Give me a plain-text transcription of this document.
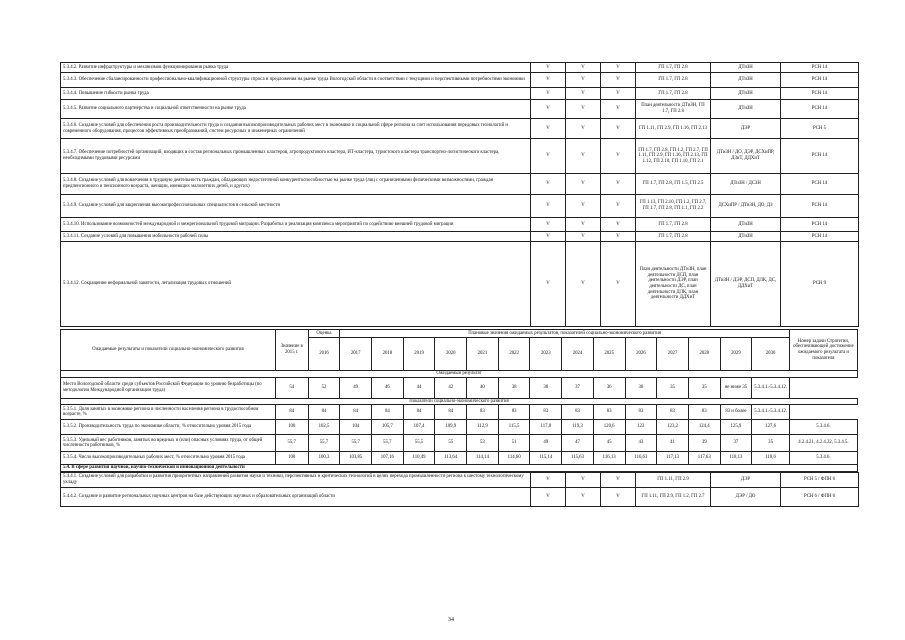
5.3.4.2. Развитие инфраструктуры и механизмов функционирования рынка труда	V	V	V	ГП 1.7, ГП 2.8	ДТиЗН	РСН 14
5.3.4.3. Обеспечение сбалансированности профессионально-квалификационной структуры спроса и предложения на рынке труда Вологодской области в соответствии с текущими и перспективными потребностями экономики	V	V	V	ГП 1.7, ГП 2.8	ДТиЗН	РСН 14
5.3.4.4. Повышение гибкости рынка труда	V	V	V	ГП 1.7, ГП 2.8	ДТиЗН	РСН 14
5.3.4.5. Развитие социального партнерства и социальной ответственности на рынке труда	V	V	V	План деятельности ДТиЗН, ГП 1.7, ГП 2.8	ДТиЗН	РСН 14
5.3.4.6. Создание условий для обеспечения роста производительности труда и создания высокопроизводительных рабочих мест в экономике и социальной сфере региона за счет использования передовых технологий и современного оборудования, процессов эффективных преобразований, систем ресурсных и инженерных ограничений	V	V	V	ГП 1.11, ГП 2.9, ГП 1.16, ГП 2.13	ДЭР	РСН 5
5.3.4.7. Обеспечение потребностей организаций, входящих в состав региональных промышленных кластеров, агропродуктового кластера, ИТ-кластера, туристского кластера транспортно-логистического кластера, необходимыми трудовыми ресурсами	V	V	V	ГП 1.7, ГП 2.8, ГП 1.2, ГП 2.7, ГП 1.11, ГП 2.9, ГП 1.16, ГП 2.13, ГП 1.12, ГП 2.10, ГП 1.10, ГП 2.1	ДТиЗН / ДО, ДЭР, ДСХиПР, ДЗиТ, ДДХиТ	РСН 14
5.3.4.8. Создание условий для вовлечения в трудовую деятельность граждан, обладающих недостаточной конкурентоспособностью на рынке труда (лиц с ограниченными физическими возможностями, граждан предпенсионного и пенсионного возраста, женщин, имеющих малолетних детей, и других)	V	V	V	ГП 1.7, ГП 2.8, ГП 1.5, ГП 2.5	ДТиЗН / ДСЗН	РСН 14
5.3.4.9. Создание условий для закрепления высокопрофессиональных специалистов в сельской местности	V	V	V	ГП 1.13, ГП 2.10, ГП 1.2, ГП 2.7, ГП 1.7, ГП 2.8, ГП 1.1, ГП 2.2	ДСХиПР / ДТиЗН, ДО, ДЗ	РСН 14
5.3.4.10. Использование возможностей международной и межрегиональной трудовой миграции. Разработка и реализация комплекса мероприятий по содействию внешней трудовой миграции	V	V	V	ГП 1.7, ГП 2.8	ДТиЗН	РСН 14
5.3.4.11. Создание условий для повышения мобильности рабочей силы	V	V	V	ГП 1.7, ГП 2.8	ДТиЗН	РСН 14
5.3.4.12. Сокращение неформальной занятости, легализация трудовых отношений	V	V	V	План деятельности ДТиЗН, план деятельности ДСП, план деятельности ДЭР, план деятельности ДС, план деятельности ДЛК, план деятельности ДДХиТ	ДТиЗН / ДЭР, ДСП, ДЛК, ДС, ДДХиТ	РСН 9
Ожидаемые результаты и показатели социально-экономического развития	Значение в 2015 г.	Оценка	Плановые значения ожидаемых результатов, показателей социально-экономического развития														Номер задачи Стратегии, обеспечивающей достижение ожидаемого результата и показателя
		2016	2017	2018	2019	2020	2021	2022	2023	2024	2025	2026	2027	2028	2029	2030	
Ожидаемый результат																	
Место Вологодской области среди субъектов Российской Федерации по уровню безработицы (по методологии Международной организации труда)	54	52	49	46	44	42	40	38	38	37	36	36	35	35	не ниже 35	5.3.4.1.-5.3.4.12.	
Показатели социально-экономического развития																	
5.3.5.1. Доля занятых в экономике региона в численности населения региона в трудоспособном возрасте, %	84	84	84	84	84	84	83	83	83	83	83	83	83	83	83 и более	5.3.4.1.-5.3.4.12.	
5.3.5.2. Производительность труда по экономике области, % относительно уровня 2015 года	100	102,5	104	105,7	107,4	109,9	112,9	115,5	117,8	119,3	120,6	122	123,2	124,4	125,9	127,6	5.3.4.6.
5.3.5.3. Удельный вес работников, занятых во вредных и (или) опасных условиях труда, от общей численности работников, %	55,7	55,7	55,7	55,7	55,5	55	53	51	49	47	45	43	41	39	37	35	4.2.4.21, 4.2.4.22, 5.3.4.5.
5.3.5.4. Число высокопроизводительных рабочих мест, % относительно уровня 2015 года	100	100,3	103,85	107,16	110,49	113,64	114,14	114,60	115,14	115,63	116,13	116,63	117,13	117,63	118,13	118,6	5.3.4.6.
5.4. В сфере развития научной, научно-технической и инновационной деятельности																	
5.4.4.1. Создание условий для разработки и развития приоритетных направлений развития науки и техники, перспективных и критических технологий в целях перехода промышленности региона к шестому технологическому укладу	V	V	V	ГП 1.11, ГП 2.9	ДЭР	РСН 5 / ФПН 6
5.4.4.2. Создание и развитие региональных научных центров на базе действующих научных и образовательных организаций области	V	V	V	ГП 1.11, ГП 2.9, ГП 1.2, ГП 2.7	ДЭР / ДО	РСН 6 / ФПН 6
34
